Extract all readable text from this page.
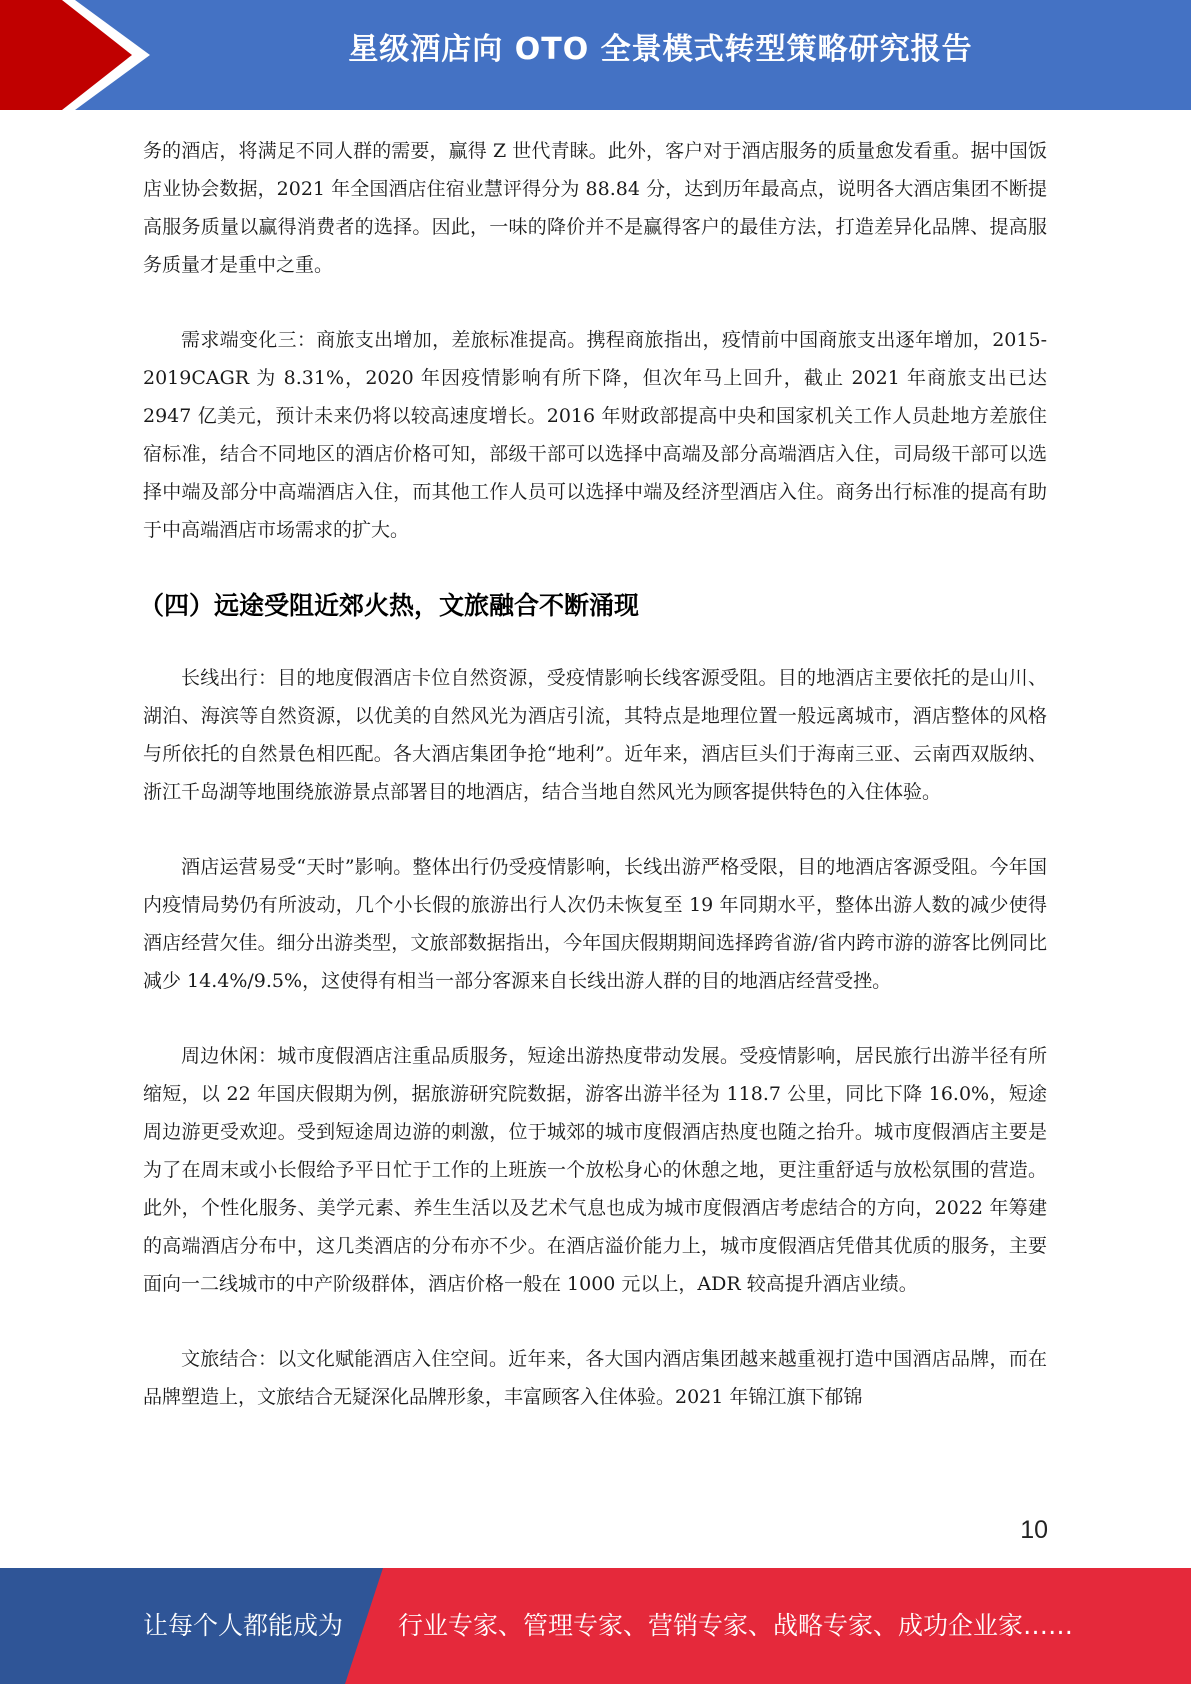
星级酒店向 OTO 全景模式转型策略研究报告

务的酒店，将满足不同人群的需要，赢得 Z 世代青睐。此外，客户对于酒店服务的质量愈发看重。据中国饭店业协会数据，2021 年全国酒店住宿业慧评得分为 88.84 分，达到历年最高点，说明各大酒店集团不断提高服务质量以赢得消费者的选择。因此，一味的降价并不是赢得客户的最佳方法，打造差异化品牌、提高服务质量才是重中之重。

需求端变化三：商旅支出增加，差旅标准提高。携程商旅指出，疫情前中国商旅支出逐年增加，2015-2019CAGR 为 8.31%，2020 年因疫情影响有所下降，但次年马上回升，截止 2021 年商旅支出已达 2947 亿美元，预计未来仍将以较高速度增长。2016 年财政部提高中央和国家机关工作人员赴地方差旅住宿标准，结合不同地区的酒店价格可知，部级干部可以选择中高端及部分高端酒店入住，司局级干部可以选择中端及部分中高端酒店入住，而其他工作人员可以选择中端及经济型酒店入住。商务出行标准的提高有助于中高端酒店市场需求的扩大。

（四）远途受阻近郊火热，文旅融合不断涌现

长线出行：目的地度假酒店卡位自然资源，受疫情影响长线客源受阻。目的地酒店主要依托的是山川、湖泊、海滨等自然资源，以优美的自然风光为酒店引流，其特点是地理位置一般远离城市，酒店整体的风格与所依托的自然景色相匹配。各大酒店集团争抢“地利”。近年来，酒店巨头们于海南三亚、云南西双版纳、浙江千岛湖等地围绕旅游景点部署目的地酒店，结合当地自然风光为顾客提供特色的入住体验。

酒店运营易受“天时”影响。整体出行仍受疫情影响，长线出游严格受限，目的地酒店客源受阻。今年国内疫情局势仍有所波动，几个小长假的旅游出行人次仍未恢复至 19 年同期水平，整体出游人数的减少使得酒店经营欠佳。细分出游类型，文旅部数据指出，今年国庆假期期间选择跨省游/省内跨市游的游客比例同比减少 14.4%/9.5%，这使得有相当一部分客源来自长线出游人群的目的地酒店经营受挫。

周边休闲：城市度假酒店注重品质服务，短途出游热度带动发展。受疫情影响，居民旅行出游半径有所缩短，以 22 年国庆假期为例，据旅游研究院数据，游客出游半径为 118.7 公里，同比下降 16.0%，短途周边游更受欢迎。受到短途周边游的刺激，位于城郊的城市度假酒店热度也随之抬升。城市度假酒店主要是为了在周末或小长假给予平日忙于工作的上班族一个放松身心的休憩之地，更注重舒适与放松氛围的营造。此外，个性化服务、美学元素、养生生活以及艺术气息也成为城市度假酒店考虑结合的方向，2022 年筹建的高端酒店分布中，这几类酒店的分布亦不少。在酒店溢价能力上，城市度假酒店凭借其优质的服务，主要面向一二线城市的中产阶级群体，酒店价格一般在 1000 元以上，ADR 较高提升酒店业绩。

文旅结合：以文化赋能酒店入住空间。近年来，各大国内酒店集团越来越重视打造中国酒店品牌，而在品牌塑造上，文旅结合无疑深化品牌形象，丰富顾客入住体验。2021 年锦江旗下郁锦

10
让每个人都能成为 行业专家、管理专家、营销专家、战略专家、成功企业家……
